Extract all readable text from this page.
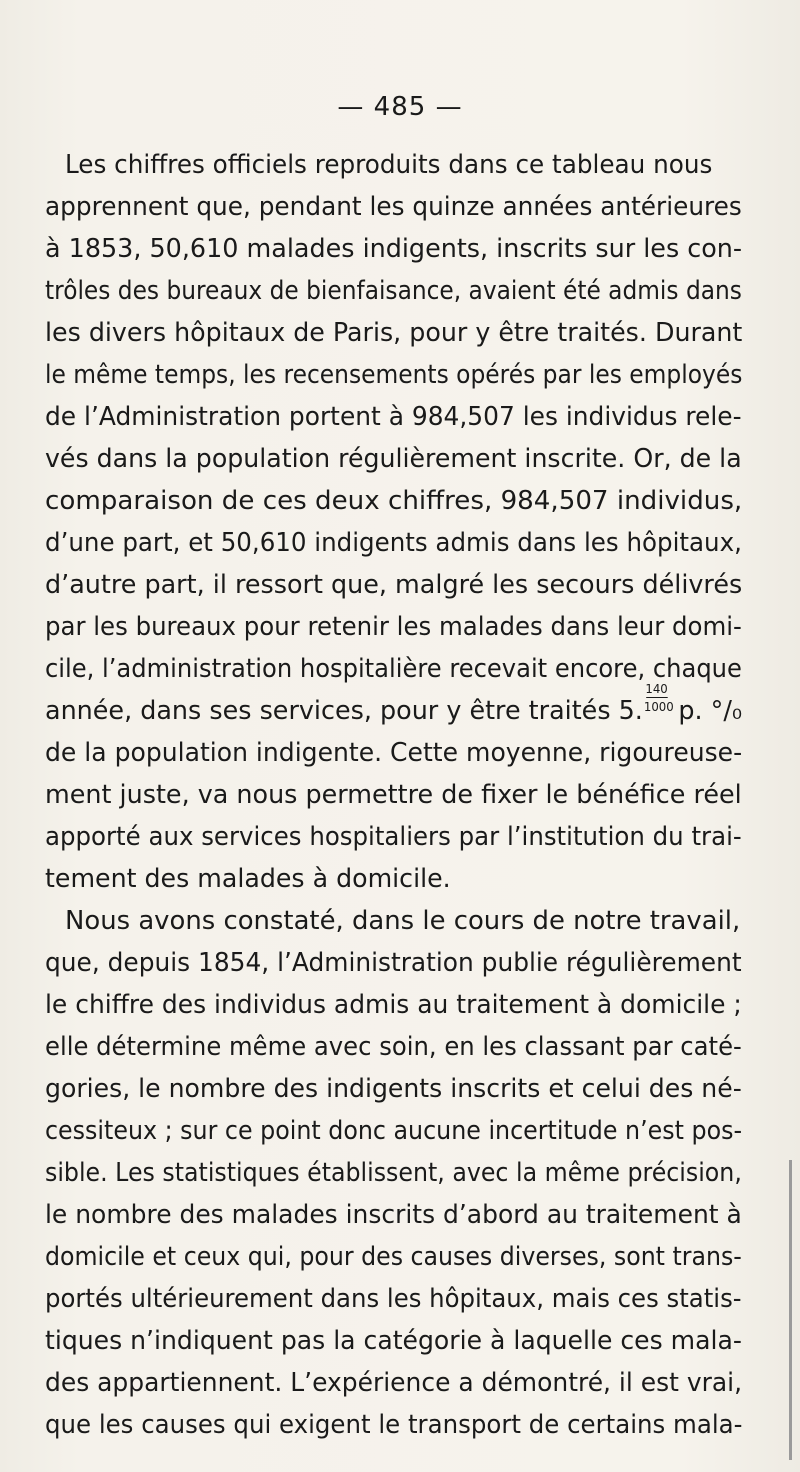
— 485 —
Les chiffres officiels reproduits dans ce tableau nous
apprennent que, pendant les quinze années antérieures
à 1853, 50,610 malades indigents, inscrits sur les con-
trôles des bureaux de bienfaisance, avaient été admis dans
les divers hôpitaux de Paris, pour y être traités. Durant
le même temps, les recensements opérés par les employés
de l’Administration portent à 984,507 les individus rele-
vés dans la population régulièrement inscrite. Or, de la
comparaison de ces deux chiffres, 984,507 individus,
d’une part, et 50,610 indigents admis dans les hôpitaux,
d’autre part, il ressort que, malgré les secours délivrés
par les bureaux pour retenir les malades dans leur domi-
cile, l’administration hospitalière recevait encore, chaque
année, dans ses services, pour y être traités 5. $\frac{140}{1000} p$. °/₀
de la population indigente. Cette moyenne, rigoureuse-
ment juste, va nous permettre de fixer le bénéfice réel
apporté aux services hospitaliers par l’institution du trai-
tement des malades à domicile.
Nous avons constaté, dans le cours de notre travail,
que, depuis 1854, l’Administration publie régulièrement
le chiffre des individus admis au traitement à domicile ;
elle détermine même avec soin, en les classant par caté-
gories, le nombre des indigents inscrits et celui des né-
cessiteux ; sur ce point donc aucune incertitude n’est pos-
sible. Les statistiques établissent, avec la même précision,
le nombre des malades inscrits d’abord au traitement à
domicile et ceux qui, pour des causes diverses, sont trans-
portés ultérieurement dans les hôpitaux, mais ces statis-
tiques n’indiquent pas la catégorie à laquelle ces mala-
des appartiennent. L’expérience a démontré, il est vrai,
que les causes qui exigent le transport de certains mala-
